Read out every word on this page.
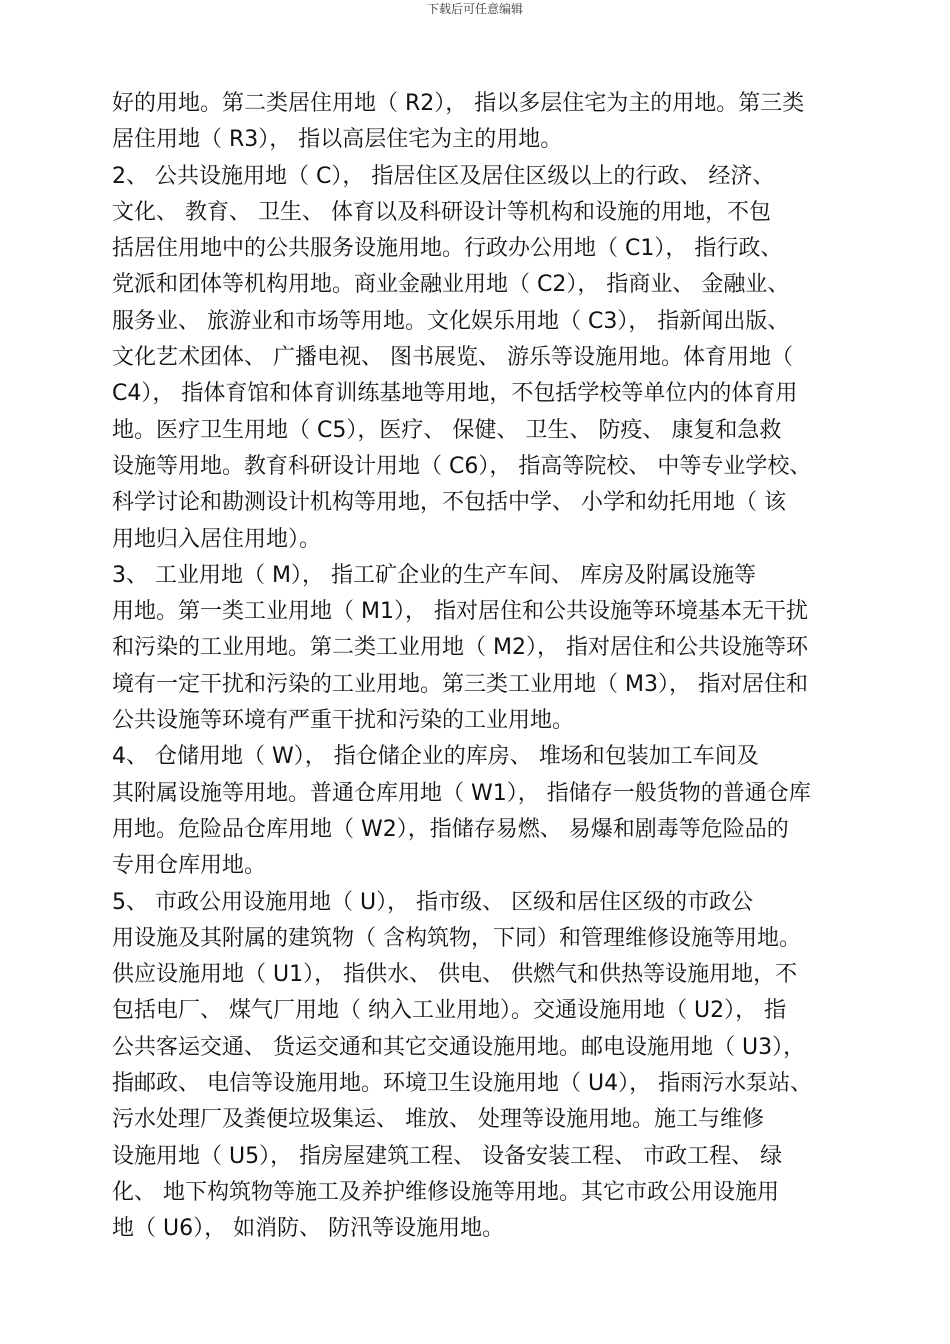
下载后可任意编辑
好的用地。第二类居住用地（ R2）， 指以多层住宅为主的用地。第三类
居住用地（ R3）， 指以高层住宅为主的用地。
2、 公共设施用地（ C）， 指居住区及居住区级以上的行政、 经济、
文化、 教育、 卫生、 体育以及科研设计等机构和设施的用地，不包
括居住用地中的公共服务设施用地。行政办公用地（ C1）， 指行政、
党派和团体等机构用地。商业金融业用地（ C2）， 指商业、 金融业、
服务业、 旅游业和市场等用地。文化娱乐用地（ C3）， 指新闻出版、
文化艺术团体、 广播电视、 图书展览、 游乐等设施用地。体育用地（
C4）， 指体育馆和体育训练基地等用地，不包括学校等单位内的体育用
地。医疗卫生用地（ C5），医疗、 保健、 卫生、 防疫、 康复和急救
设施等用地。教育科研设计用地（ C6）， 指高等院校、 中等专业学校、
科学讨论和勘测设计机构等用地，不包括中学、 小学和幼托用地（ 该
用地归入居住用地）。
3、 工业用地（ M）， 指工矿企业的生产车间、 库房及附属设施等
用地。第一类工业用地（ M1）， 指对居住和公共设施等环境基本无干扰
和污染的工业用地。第二类工业用地（ M2）， 指对居住和公共设施等环
境有一定干扰和污染的工业用地。第三类工业用地（ M3）， 指对居住和
公共设施等环境有严重干扰和污染的工业用地。
4、 仓储用地（ W）， 指仓储企业的库房、 堆场和包装加工车间及
其附属设施等用地。普通仓库用地（ W1）， 指储存一般货物的普通仓库
用地。危险品仓库用地（ W2），指储存易燃、 易爆和剧毒等危险品的
专用仓库用地。
5、 市政公用设施用地（ U）， 指市级、 区级和居住区级的市政公
用设施及其附属的建筑物（ 含构筑物，下同）和管理维修设施等用地。
供应设施用地（ U1）， 指供水、 供电、 供燃气和供热等设施用地，不
包括电厂、 煤气厂用地（ 纳入工业用地）。交通设施用地（ U2）， 指
公共客运交通、 货运交通和其它交通设施用地。邮电设施用地（ U3），
指邮政、 电信等设施用地。环境卫生设施用地（ U4）， 指雨污水泵站、
污水处理厂及粪便垃圾集运、 堆放、 处理等设施用地。施工与维修
设施用地（ U5）， 指房屋建筑工程、 设备安装工程、 市政工程、 绿
化、 地下构筑物等施工及养护维修设施等用地。其它市政公用设施用
地（ U6）， 如消防、 防汛等设施用地。
